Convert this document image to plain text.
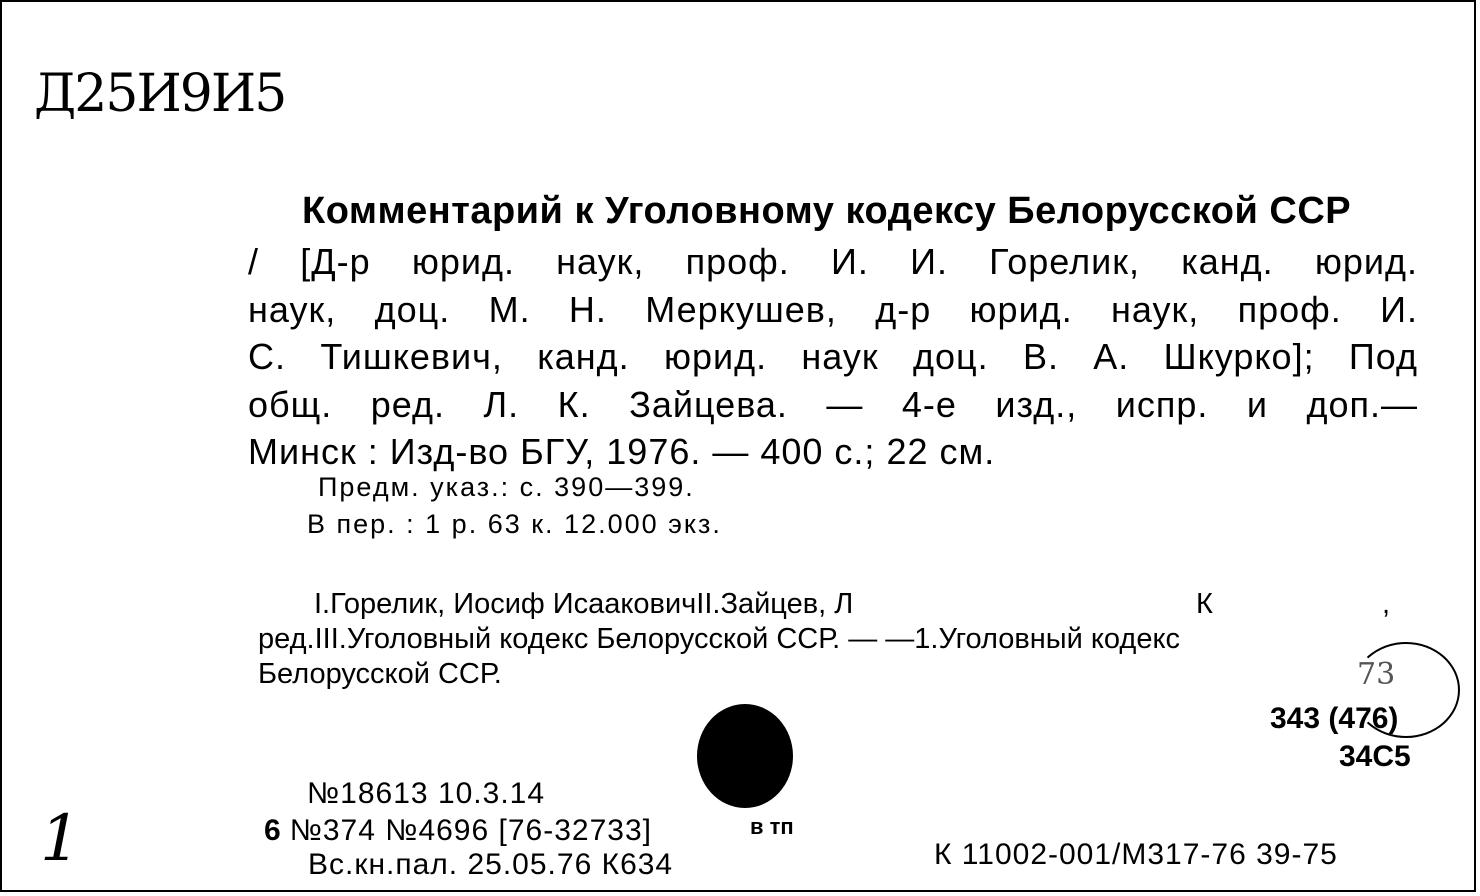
Д25И9И5
Комментарий к Уголовному кодексу Белорусской ССР

/ [Д-р юрид. наук, проф. И. И. Горелик, канд. юрид.

наук, доц. М. Н. Меркушев, д-р юрид. наук, проф. И.

С. Тишкевич, канд. юрид. наук доц. В. А. Шкурко]; Под

общ. ред. Л. К. Зайцева. — 4-е изд., испр. и доп.—

Минск : Изд-во БГУ, 1976. — 400 с.; 22 см.

Предм. указ.: с. 390—399.
В пер. : 1 р. 63 к. 12.000 экз.
I.Горелик, Иосиф ИсааковичII.Зайцев, Л	К	,
ред.III.Уголовный кодекс Белорусской ССР. — —1.Уголовный кодекс
Белорусской ССР.	73
343 (476)
34С5
№18613 10.3.14
6 №374 №4696 [76-32733]	в тп
Вс.кн.пал. 25.05.76 К634	К 11002-001/М317-76 39-75
1
